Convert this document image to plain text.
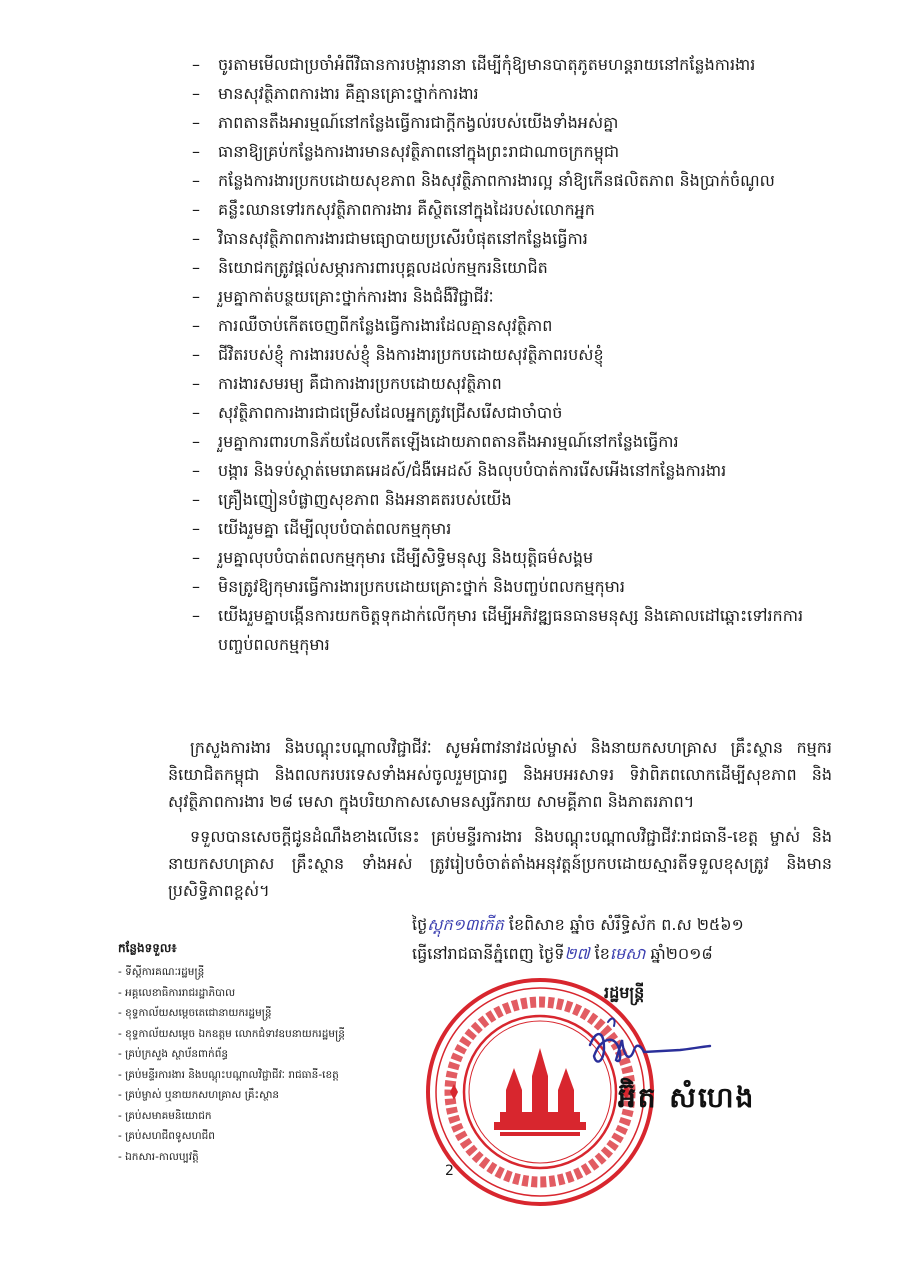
– ចូរតាមមើលជាប្រចាំអំពីវិធានការបង្ការនានា ដើម្បីកុំឱ្យមានបាតុភូតមហន្តរាយនៅកន្លែងការងារ
– មានសុវត្ថិភាពការងារ គឺគ្មានគ្រោះថ្នាក់ការងារ
– ភាពតានតឹងអារម្មណ៍នៅកន្លែងធ្វើការជាក្តីកង្វល់របស់យើងទាំងអស់គ្នា
– ធានាឱ្យគ្រប់កន្លែងការងារមានសុវត្ថិភាពនៅក្នុងព្រះរាជាណាចក្រកម្ពុជា
– កន្លែងការងារប្រកបដោយសុខភាព និងសុវត្ថិភាពការងារល្អ នាំឱ្យកើនផលិតភាព និងប្រាក់ចំណូល
– គន្លឹះឈានទៅរកសុវត្ថិភាពការងារ គឺស្ថិតនៅក្នុងដៃរបស់លោកអ្នក
– វិធានសុវត្ថិភាពការងារជាមធ្យោបាយប្រសើរបំផុតនៅកន្លែងធ្វើការ
– និយោជកត្រូវផ្តល់សម្ភារការពារបុគ្គលដល់កម្មករនិយោជិត
– រួមគ្នាកាត់បន្ថយគ្រោះថ្នាក់ការងារ និងជំងឺវិជ្ជាជីវៈ
– ការឈឺចាប់កើតចេញពីកន្លែងធ្វើការងារដែលគ្មានសុវត្ថិភាព
– ជីវិតរបស់ខ្ញុំ ការងាររបស់ខ្ញុំ និងការងារប្រកបដោយសុវត្ថិភាពរបស់ខ្ញុំ
– ការងារសមរម្យ គឺជាការងារប្រកបដោយសុវត្ថិភាព
– សុវត្ថិភាពការងារជាជម្រើសដែលអ្នកត្រូវជ្រើសរើសជាចាំបាច់
– រួមគ្នាការពារហានិភ័យដែលកើតឡើងដោយភាពតានតឹងអារម្មណ៍នៅកន្លែងធ្វើការ
– បង្ការ និងទប់ស្កាត់មេរោគអេដស៍/ជំងឺអេដស៍ និងលុបបំបាត់ការរើសអើងនៅកន្លែងការងារ
– គ្រឿងញៀនបំផ្លាញសុខភាព និងអនាគតរបស់យើង
– យើងរួមគ្នា ដើម្បីលុបបំបាត់ពលកម្មកុមារ
– រួមគ្នាលុបបំបាត់ពលកម្មកុមារ ដើម្បីសិទ្ធិមនុស្ស និងយុត្តិធម៌សង្គម
– មិនត្រូវឱ្យកុមារធ្វើការងារប្រកបដោយគ្រោះថ្នាក់ និងបញ្ចប់ពលកម្មកុមារ
– យើងរួមគ្នាបង្កើនការយកចិត្តទុកដាក់លើកុមារ ដើម្បីអភិវឌ្ឍធនធានមនុស្ស និងគោលដៅឆ្ពោះទៅរកការបញ្ចប់ពលកម្មកុមារ

ក្រសួងការងារ និងបណ្តុះបណ្តាលវិជ្ជាជីវៈ សូមអំពាវនាវដល់ម្ចាស់ និងនាយកសហគ្រាស គ្រឹះស្ថាន កម្មករនិយោជិតកម្ពុជា និងពលករបរទេសទាំងអស់ចូលរួមប្រារព្ធ និងអបអរសាទរ ទិវាពិភពលោកដើម្បីសុខភាព និងសុវត្ថិភាពការងារ ២៨ មេសា ក្នុងបរិយាកាសសោមនស្សរីករាយ សាមគ្គីភាព និងភាតរភាព។

ទទួលបានសេចក្តីជូនដំណឹងខាងលើនេះ គ្រប់មន្ទីរការងារ និងបណ្តុះបណ្តាលវិជ្ជាជីវៈរាជធានី-ខេត្ត ម្ចាស់ និងនាយកសហគ្រាស គ្រឹះស្ថាន ទាំងអស់ ត្រូវរៀបចំចាត់តាំងអនុវត្តន៍ប្រកបដោយស្មារតីទទួលខុសត្រូវ និងមានប្រសិទ្ធិភាពខ្ពស់។

ថ្ងៃស្ដុក១៣កើត ខែពិសាខ ឆ្នាំច សំរឹទ្ធិស័ក ព.ស ២៥៦១
ធ្វើនៅរាជធានីភ្នំពេញ ថ្ងៃទី២៧ ខែមេសា ឆ្នាំ២០១៨
កន្លែងទទួល៖
- ទីស្តីការគណៈរដ្ឋមន្ត្រី
- អគ្គលេខាធិការរាជរដ្ឋាភិបាល
- ខុទ្ទកាល័យសម្តេចតេជោនាយករដ្ឋមន្ត្រី
- ខុទ្ទកាល័យសម្តេច ឯកឧត្តម លោកជំទាវឧបនាយករដ្ឋមន្ត្រី
- គ្រប់ក្រសួង ស្ថាប័នពាក់ព័ន្ធ
- គ្រប់មន្ទីរការងារ និងបណ្តុះបណ្តាលវិជ្ជាជីវៈ រាជធានី-ខេត្ត
- គ្រប់ម្ចាស់ ឬនាយកសហគ្រាស គ្រឹះស្ថាន
- គ្រប់សមាគមនិយោជក
- គ្រប់សហជីពទូសហជីព
- ឯកសារ-កាលប្បវត្តិ
រដ្ឋមន្ត្រី
អ៊ិត សំហេង
2
